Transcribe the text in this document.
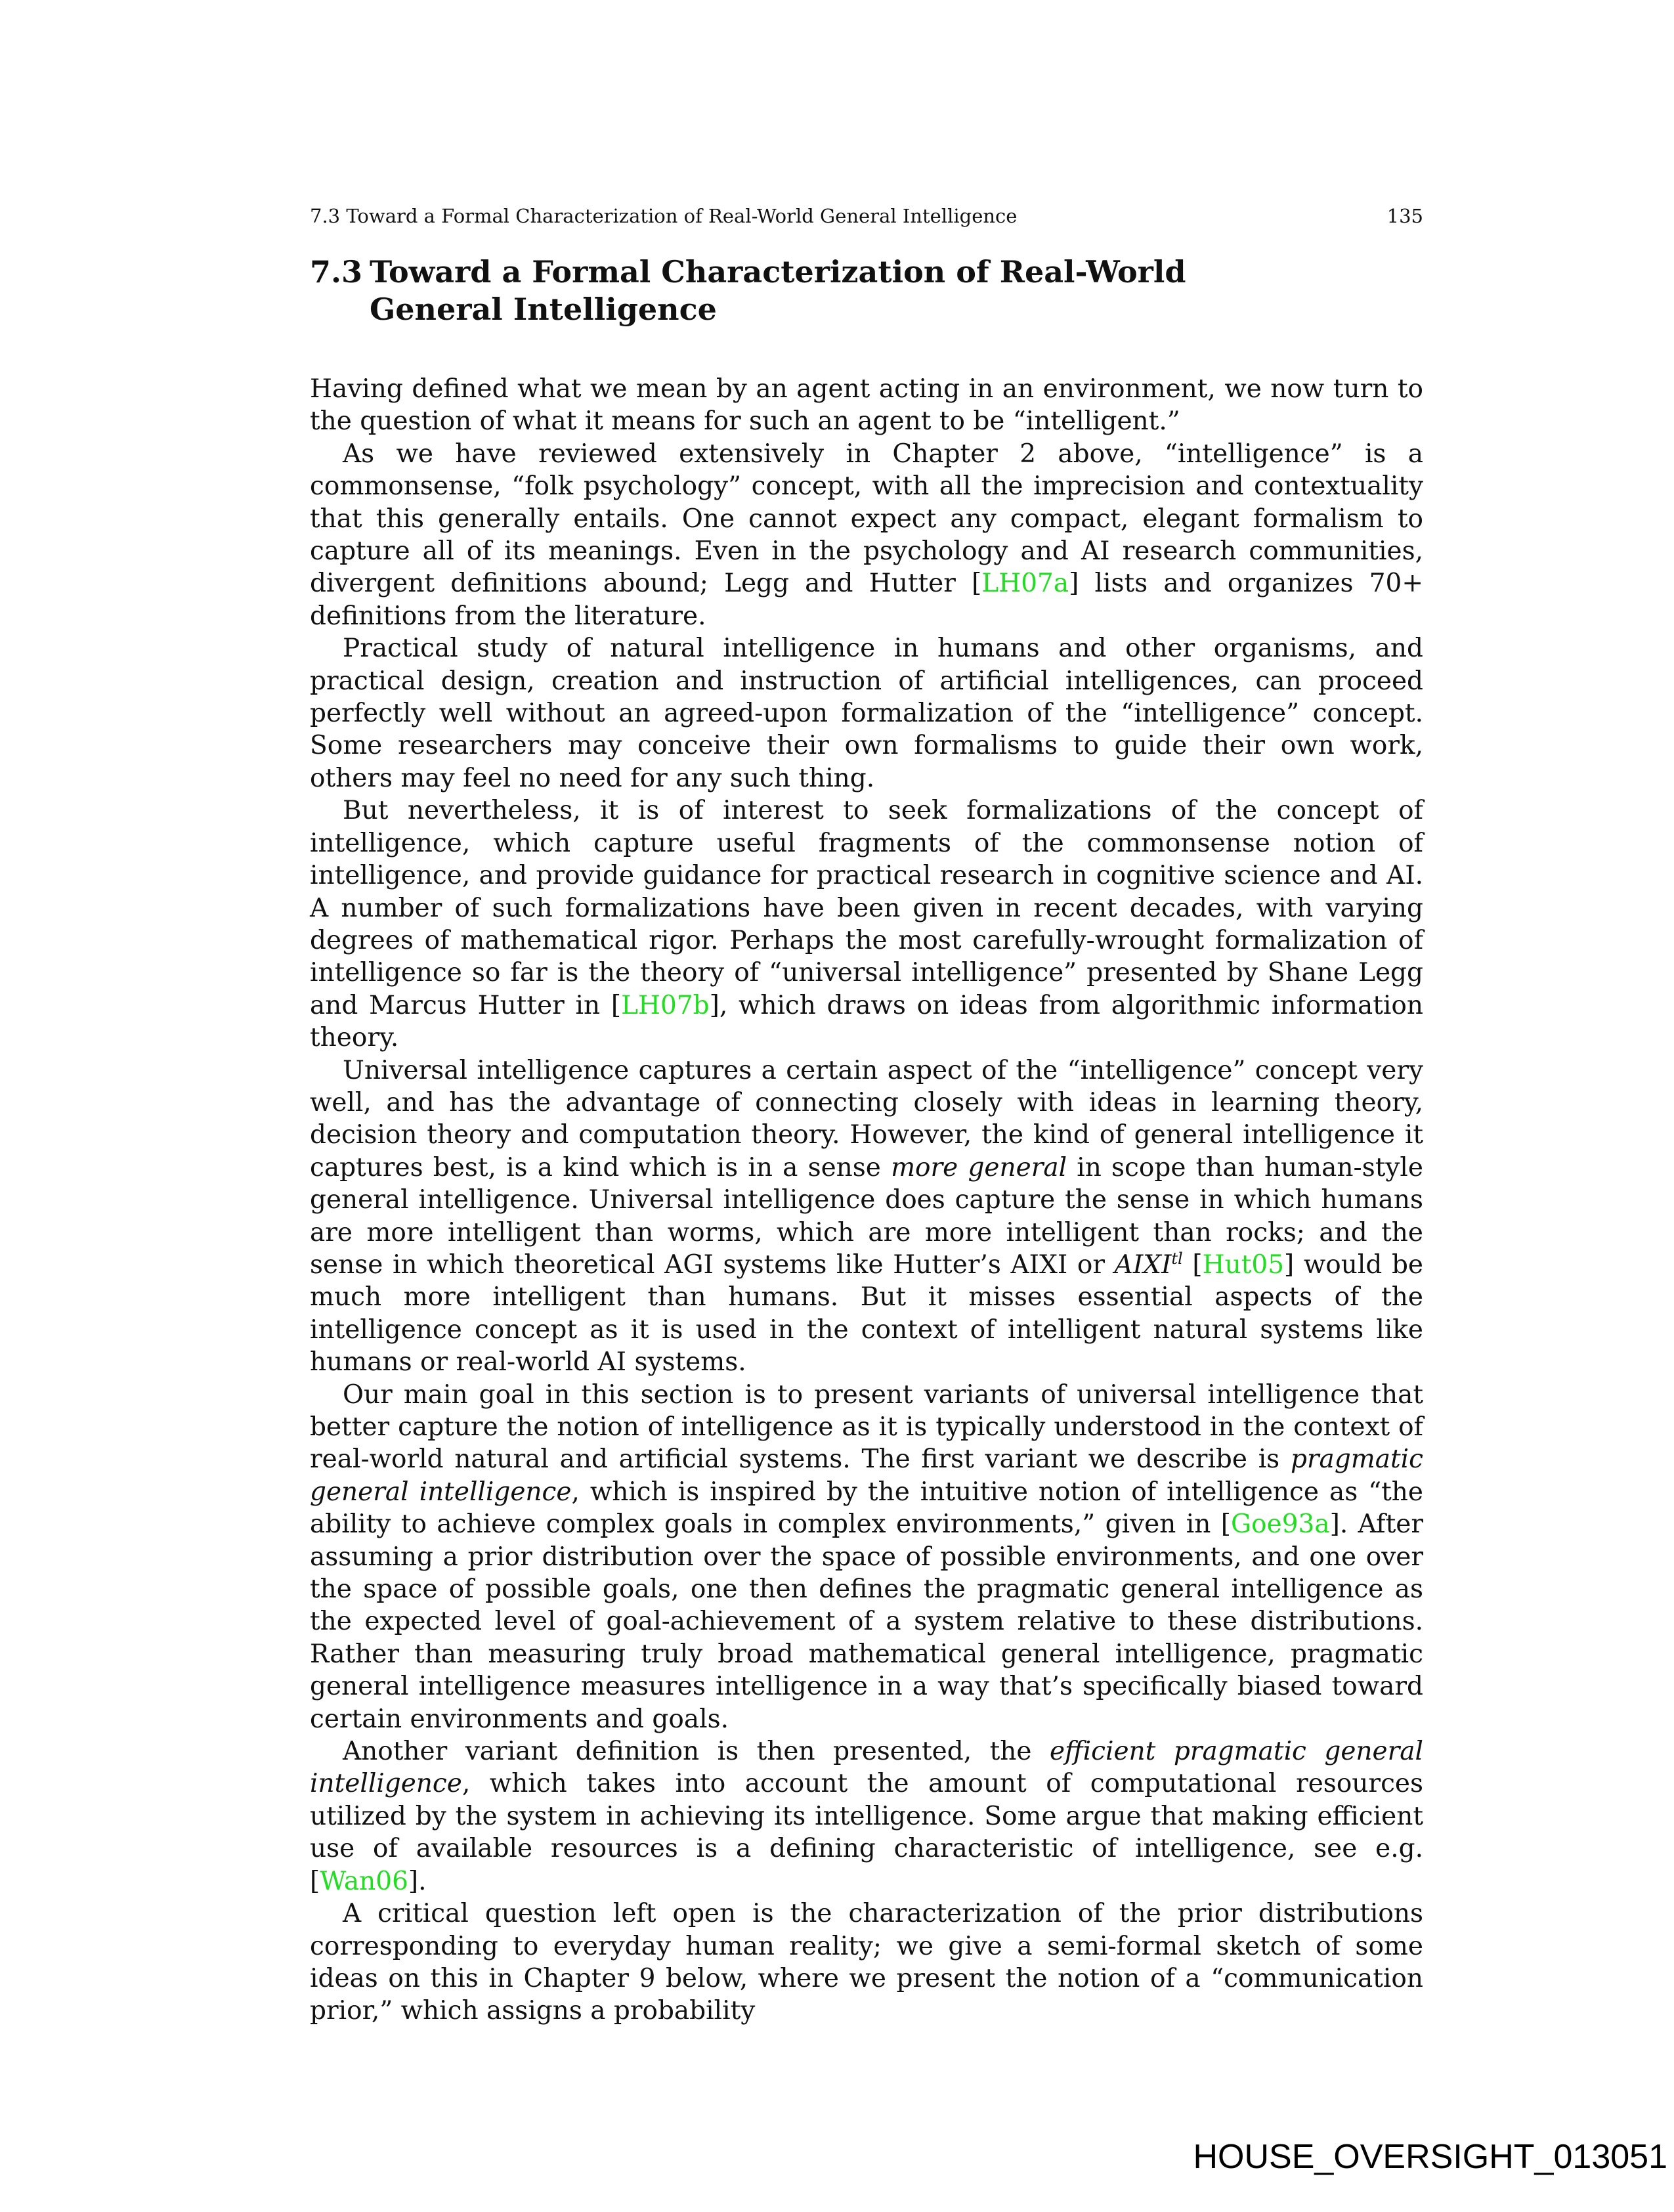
7.3 Toward a Formal Characterization of Real-World General Intelligence	135
7.3 Toward a Formal Characterization of Real-World General Intelligence

Having defined what we mean by an agent acting in an environment, we now turn to the question of what it means for such an agent to be “intelligent.”

As we have reviewed extensively in Chapter 2 above, “intelligence” is a commonsense, “folk psychology” concept, with all the imprecision and contextuality that this generally entails. One cannot expect any compact, elegant formalism to capture all of its meanings. Even in the psychology and AI research communities, divergent definitions abound; Legg and Hutter [LH07a] lists and organizes 70+ definitions from the literature.

Practical study of natural intelligence in humans and other organisms, and practical design, creation and instruction of artificial intelligences, can proceed perfectly well without an agreed-upon formalization of the “intelligence” concept. Some researchers may conceive their own formalisms to guide their own work, others may feel no need for any such thing.

But nevertheless, it is of interest to seek formalizations of the concept of intelligence, which capture useful fragments of the commonsense notion of intelligence, and provide guidance for practical research in cognitive science and AI. A number of such formalizations have been given in recent decades, with varying degrees of mathematical rigor. Perhaps the most carefully-wrought formalization of intelligence so far is the theory of “universal intelligence” presented by Shane Legg and Marcus Hutter in [LH07b], which draws on ideas from algorithmic information theory.

Universal intelligence captures a certain aspect of the “intelligence” concept very well, and has the advantage of connecting closely with ideas in learning theory, decision theory and computation theory. However, the kind of general intelligence it captures best, is a kind which is in a sense more general in scope than human-style general intelligence. Universal intelligence does capture the sense in which humans are more intelligent than worms, which are more intelligent than rocks; and the sense in which theoretical AGI systems like Hutter’s AIXI or $AIXI^{tl}$ [Hut05] would be much more intelligent than humans. But it misses essential aspects of the intelligence concept as it is used in the context of intelligent natural systems like humans or real-world AI systems.

Our main goal in this section is to present variants of universal intelligence that better capture the notion of intelligence as it is typically understood in the context of real-world natural and artificial systems. The first variant we describe is pragmatic general intelligence, which is inspired by the intuitive notion of intelligence as “the ability to achieve complex goals in complex environments,” given in [Goe93a]. After assuming a prior distribution over the space of possible environments, and one over the space of possible goals, one then defines the pragmatic general intelligence as the expected level of goal-achievement of a system relative to these distributions. Rather than measuring truly broad mathematical general intelligence, pragmatic general intelligence measures intelligence in a way that’s specifically biased toward certain environments and goals.

Another variant definition is then presented, the efficient pragmatic general intelligence, which takes into account the amount of computational resources utilized by the system in achieving its intelligence. Some argue that making efficient use of available resources is a defining characteristic of intelligence, see e.g. [Wan06].

A critical question left open is the characterization of the prior distributions corresponding to everyday human reality; we give a semi-formal sketch of some ideas on this in Chapter 9 below, where we present the notion of a “communication prior,” which assigns a probability

HOUSE_OVERSIGHT_013051
